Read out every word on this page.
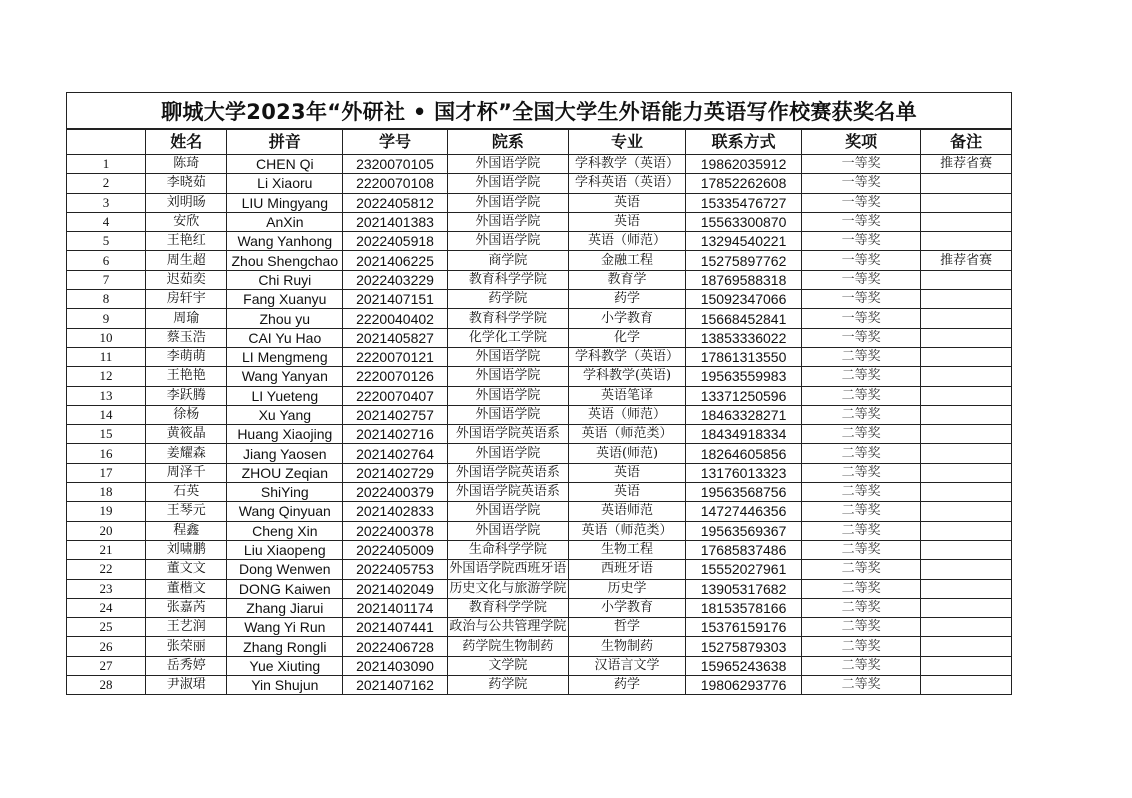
聊城大学2023年“外研社 • 国才杯”全国大学生外语能力英语写作校赛获奖名单
	姓名	拼音	学号	院系	专业	联系方式	奖项	备注
1	陈琦	CHEN Qi	2320070105	外国语学院	学科教学（英语）	19862035912	一等奖	推荐省赛
2	李晓茹	Li Xiaoru	2220070108	外国语学院	学科英语（英语）	17852262608	一等奖	
3	刘明旸	LIU Mingyang	2022405812	外国语学院	英语	15335476727	一等奖	
4	安欣	AnXin	2021401383	外国语学院	英语	15563300870	一等奖	
5	王艳红	Wang Yanhong	2022405918	外国语学院	英语（师范）	13294540221	一等奖	
6	周生超	Zhou Shengchao	2021406225	商学院	金融工程	15275897762	一等奖	推荐省赛
7	迟茹奕	Chi Ruyi	2022403229	教育科学学院	教育学	18769588318	一等奖	
8	房轩宇	Fang Xuanyu	2021407151	药学院	药学	15092347066	一等奖	
9	周瑜	Zhou yu	2220040402	教育科学学院	小学教育	15668452841	一等奖	
10	蔡玉浩	CAI Yu Hao	2021405827	化学化工学院	化学	13853336022	一等奖	
11	李萌萌	LI Mengmeng	2220070121	外国语学院	学科教学（英语）	17861313550	二等奖	
12	王艳艳	Wang Yanyan	2220070126	外国语学院	学科教学(英语)	19563559983	二等奖	
13	李跃腾	LI Yueteng	2220070407	外国语学院	英语笔译	13371250596	二等奖	
14	徐杨	Xu Yang	2021402757	外国语学院	英语（师范）	18463328271	二等奖	
15	黄筱晶	Huang Xiaojing	2021402716	外国语学院英语系	英语（师范类）	18434918334	二等奖	
16	姜耀森	Jiang Yaosen	2021402764	外国语学院	英语(师范)	18264605856	二等奖	
17	周泽千	ZHOU Zeqian	2021402729	外国语学院英语系	英语	13176013323	二等奖	
18	石英	ShiYing	2022400379	外国语学院英语系	英语	19563568756	二等奖	
19	王琴元	Wang Qinyuan	2021402833	外国语学院	英语师范	14727446356	二等奖	
20	程鑫	Cheng Xin	2022400378	外国语学院	英语（师范类）	19563569367	二等奖	
21	刘啸鹏	Liu Xiaopeng	2022405009	生命科学学院	生物工程	17685837486	二等奖	
22	董文文	Dong Wenwen	2022405753	外国语学院西班牙语	西班牙语	15552027961	二等奖	
23	董楷文	DONG Kaiwen	2021402049	历史文化与旅游学院	历史学	13905317682	二等奖	
24	张嘉芮	Zhang Jiarui	2021401174	教育科学学院	小学教育	18153578166	二等奖	
25	王艺润	Wang Yi Run	2021407441	政治与公共管理学院	哲学	15376159176	二等奖	
26	张荣丽	Zhang Rongli	2022406728	药学院生物制药	生物制药	15275879303	二等奖	
27	岳秀婷	Yue Xiuting	2021403090	文学院	汉语言文学	15965243638	二等奖	
28	尹淑珺	Yin Shujun	2021407162	药学院	药学	19806293776	二等奖	
